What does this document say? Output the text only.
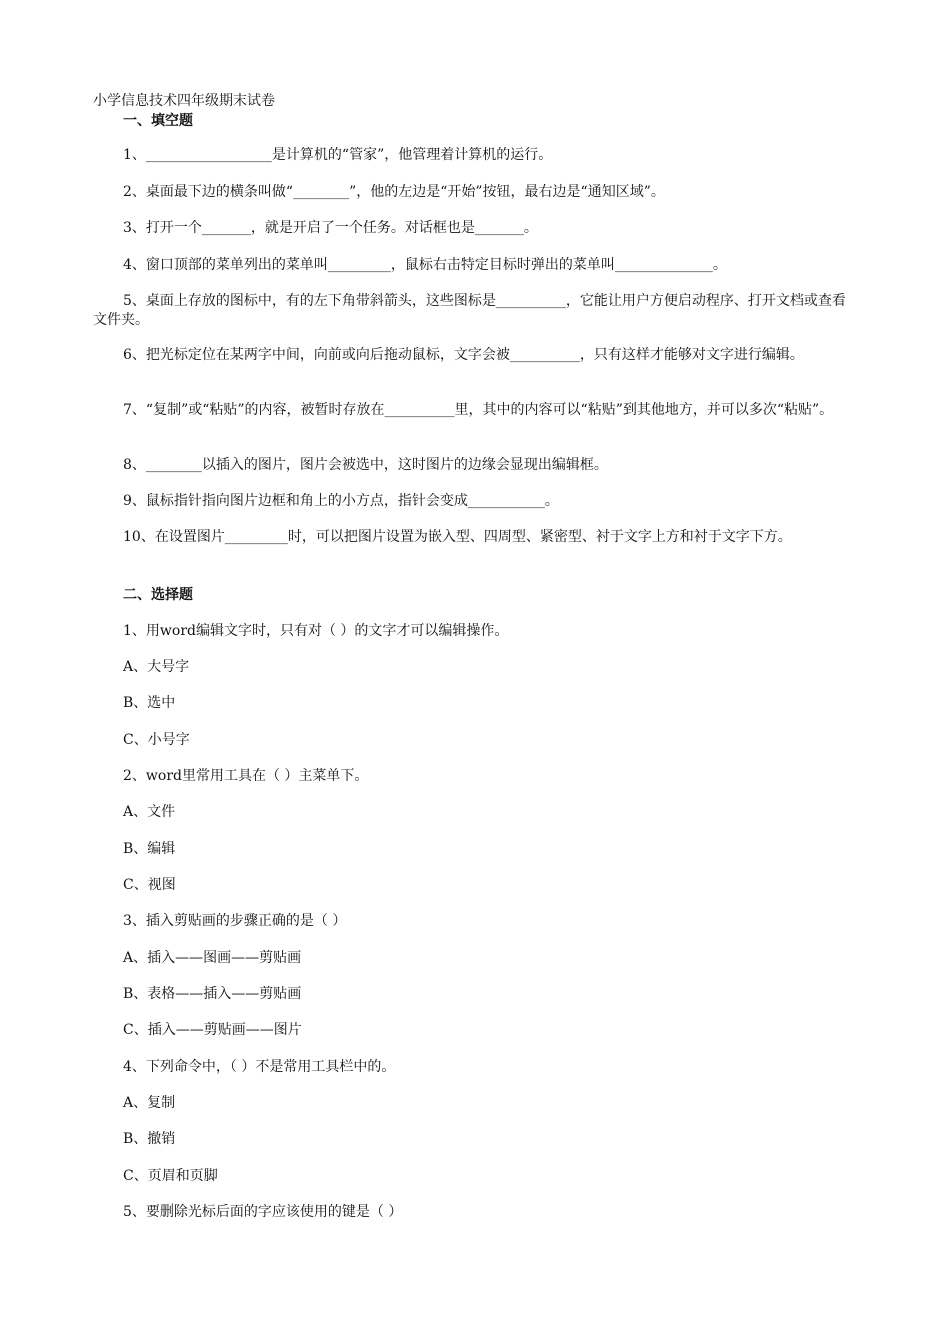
小学信息技术四年级期末试卷
一、填空题
1、__________________是计算机的“管家”，他管理着计算机的运行。
2、桌面最下边的横条叫做“________”，他的左边是“开始”按钮，最右边是“通知区域”。
3、打开一个_______，就是开启了一个任务。对话框也是_______。
4、窗口顶部的菜单列出的菜单叫_________，鼠标右击特定目标时弹出的菜单叫______________。
5、桌面上存放的图标中，有的左下角带斜箭头，这些图标是__________，它能让用户方便启动程序、打开文档或查看文件夹。
6、把光标定位在某两字中间，向前或向后拖动鼠标，文字会被__________，只有这样才能够对文字进行编辑。
7、“复制”或“粘贴”的内容，被暂时存放在__________里，其中的内容可以“粘贴”到其他地方，并可以多次“粘贴”。
8、________以插入的图片，图片会被选中，这时图片的边缘会显现出编辑框。
9、鼠标指针指向图片边框和角上的小方点，指针会变成___________。
10、在设置图片_________时，可以把图片设置为嵌入型、四周型、紧密型、衬于文字上方和衬于文字下方。
二、选择题
1、用word编辑文字时，只有对（ ）的文字才可以编辑操作。
A、大号字
B、选中
C、小号字
2、word里常用工具在（ ）主菜单下。
A、文件
B、编辑
C、视图
3、插入剪贴画的步骤正确的是（ ）
A、插入——图画——剪贴画
B、表格——插入——剪贴画
C、插入——剪贴画——图片
4、下列命令中，（ ）不是常用工具栏中的。
A、复制
B、撤销
C、页眉和页脚
5、要删除光标后面的字应该使用的键是（ ）
